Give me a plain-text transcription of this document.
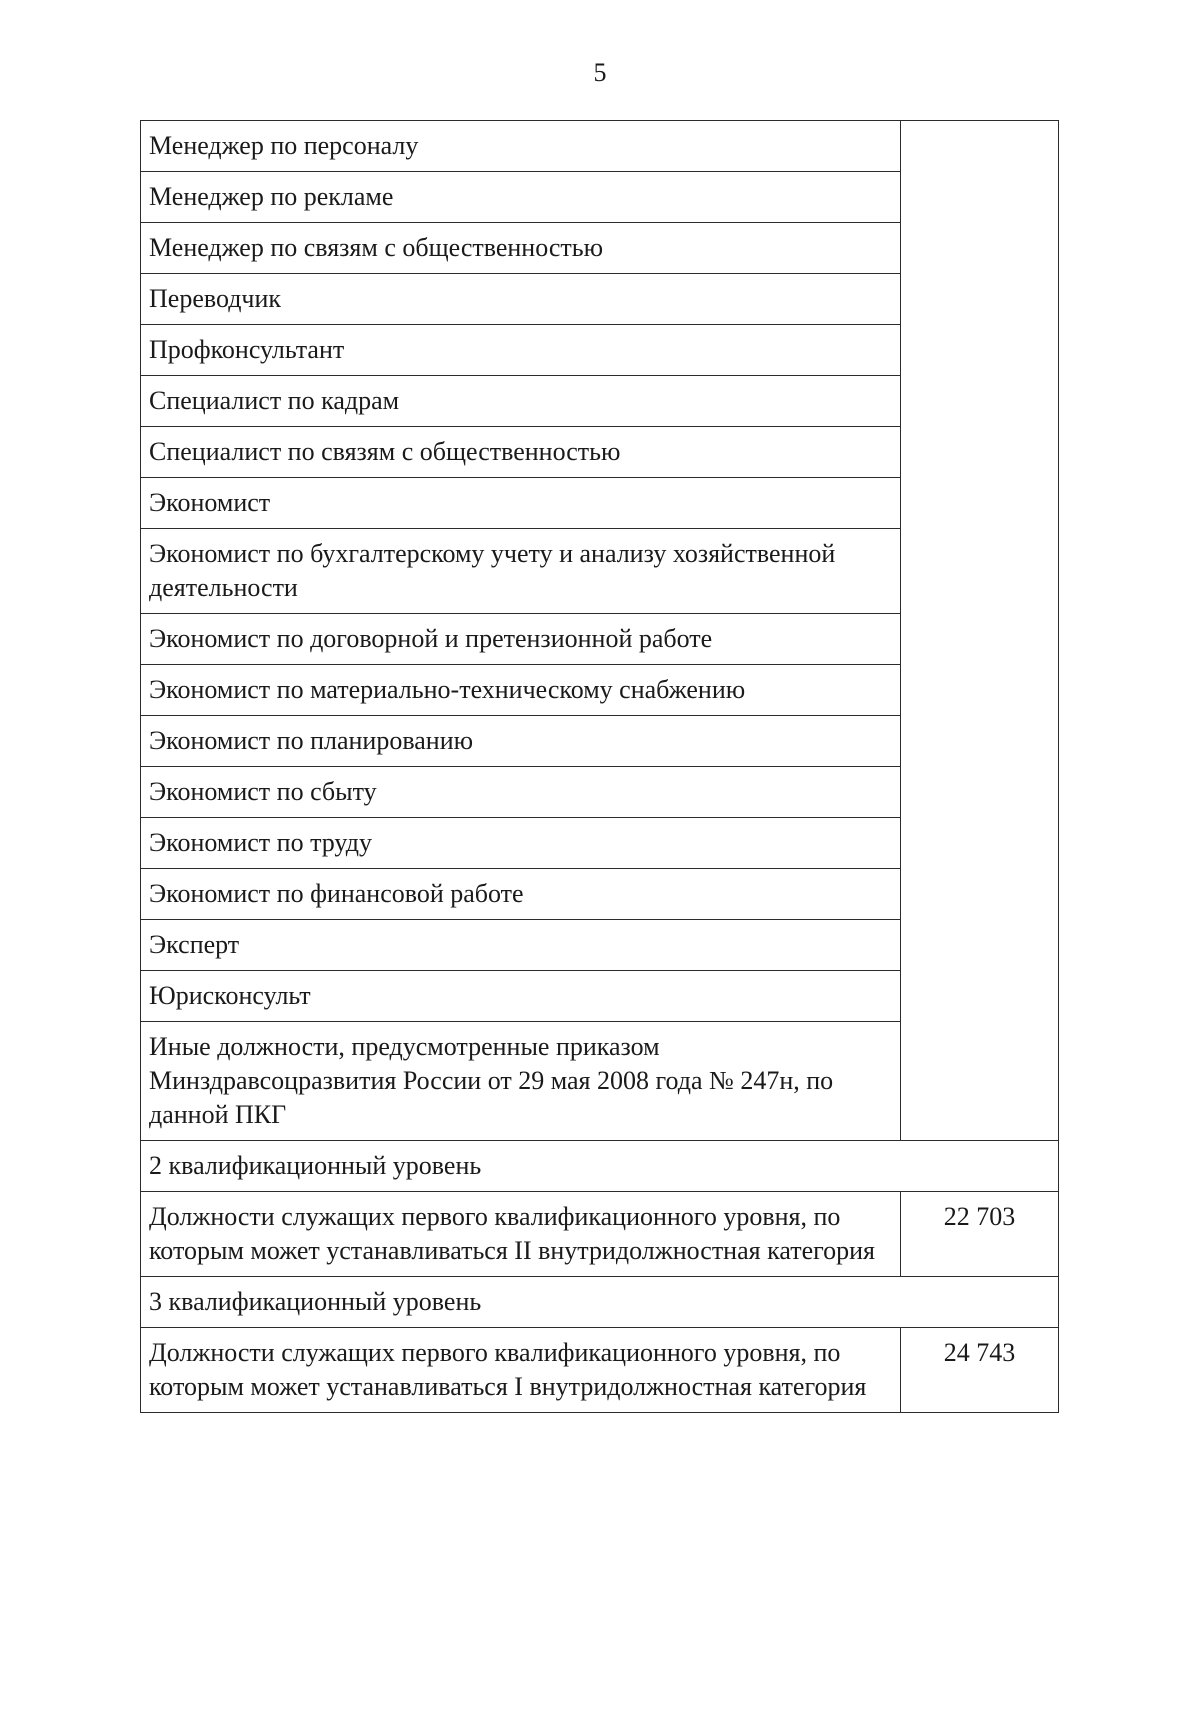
5
Менеджер по персоналу	
Менеджер по рекламе	
Менеджер по связям с общественностью	
Переводчик	
Профконсультант	
Специалист по кадрам	
Специалист по связям с общественностью	
Экономист	
Экономист по бухгалтерскому учету и анализу хозяйственной деятельности	
Экономист по договорной и претензионной работе	
Экономист по материально-техническому снабжению	
Экономист по планированию	
Экономист по сбыту	
Экономист по труду	
Экономист по финансовой работе	
Эксперт	
Юрисконсульт	
Иные должности, предусмотренные приказом Минздравсоцразвития России от 29 мая 2008 года № 247н, по данной ПКГ	
2 квалификационный уровень	
Должности служащих первого квалификационного уровня, по которым может устанавливаться II внутридолжностная категория	22 703
3 квалификационный уровень	
Должности служащих первого квалификационного уровня, по которым может устанавливаться I внутридолжностная категория	24 743
